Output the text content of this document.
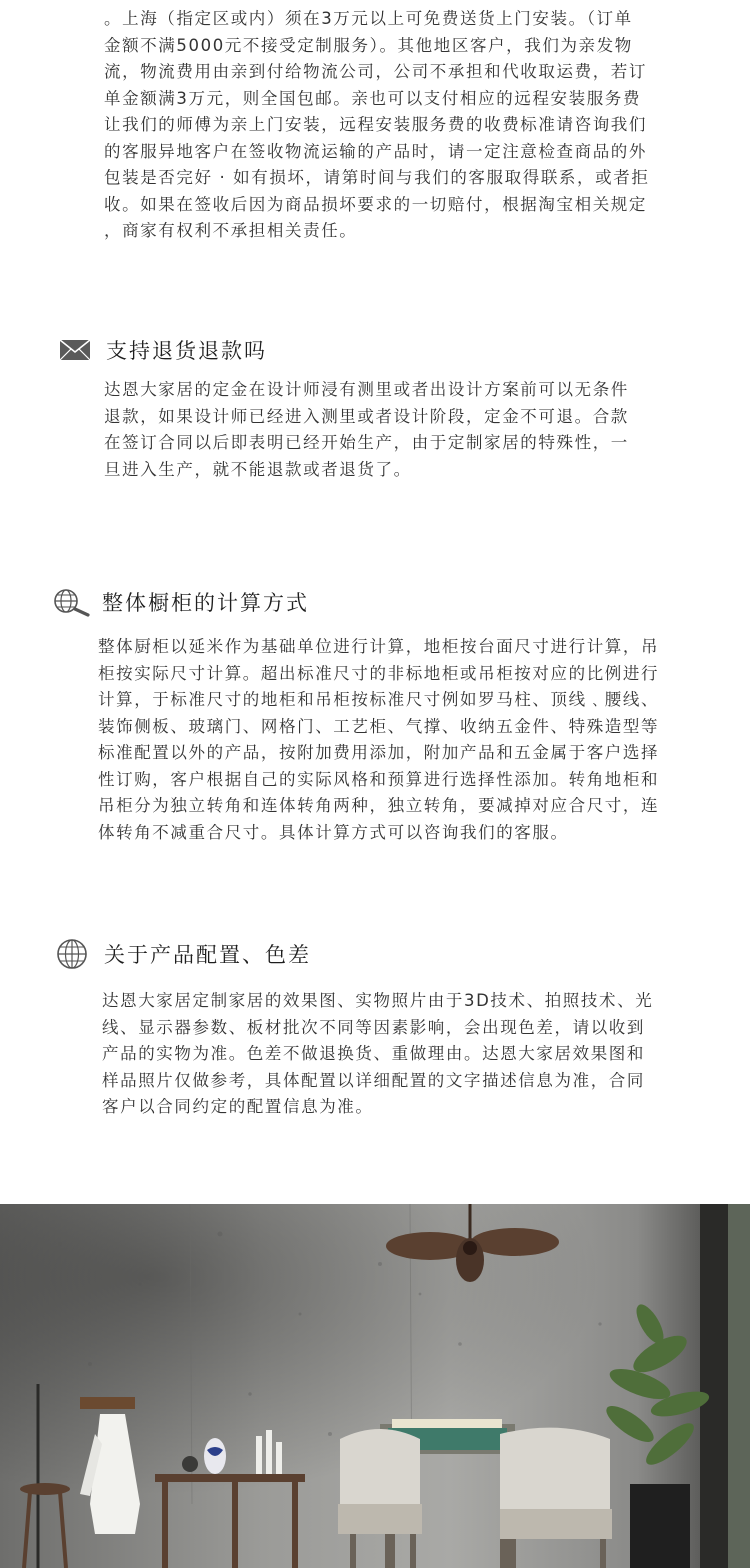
。上海（指定区或内）须在3万元以上可免费送货上门安装。（订单
金额不满5000元不接受定制服务）。其他地区客户，我们为亲发物
流，物流费用由亲到付给物流公司，公司不承担和代收取运费，若订
单金额满3万元，则全国包邮。亲也可以支付相应的远程安装服务费
让我们的师傅为亲上门安装，远程安装服务费的收费标准请咨询我们
的客服异地客户在签收物流运输的产品时，请一定注意检查商品的外
包装是否完好 · 如有损坏，请第时间与我们的客服取得联系，或者拒
收。如果在签收后因为商品损坏要求的一切赔付，根据淘宝相关规定
，商家有权利不承担相关责任。
支持退货退款吗
达恩大家居的定金在设计师浸有测里或者出设计方案前可以无条件
退款，如果设计师已经进入测里或者设计阶段，定金不可退。合款
在签订合同以后即表明已经开始生产，由于定制家居的特殊性，一
旦进入生产，就不能退款或者退货了。
整体橱柜的计算方式
整体厨柜以延米作为基础单位进行计算，地柜按台面尺寸进行计算，吊
柜按实际尺寸计算。超出标准尺寸的非标地柜或吊柜按对应的比例进行
计算，于标准尺寸的地柜和吊柜按标准尺寸例如罗马柱、顶线﹑腰线、
装饰侧板、玻璃门、网格门、工艺柜、气撑、收纳五金件、特殊造型等
标准配置以外的产品，按附加费用添加，附加产品和五金属于客户选择
性订购，客户根据自己的实际风格和预算进行选择性添加。转角地柜和
吊柜分为独立转角和连体转角两种，独立转角，要减掉对应合尺寸，连
体转角不减重合尺寸。具体计算方式可以咨询我们的客服。
关于产品配置、色差
达恩大家居定制家居的效果图、实物照片由于3D技术、拍照技术、光
线、显示器参数、板材批次不同等因素影响，会出现色差，请以收到
产品的实物为准。色差不做退换货、重做理由。达恩大家居效果图和
样品照片仅做参考，具体配置以详细配置的文字描述信息为准，合同
客户以合同约定的配置信息为准。
